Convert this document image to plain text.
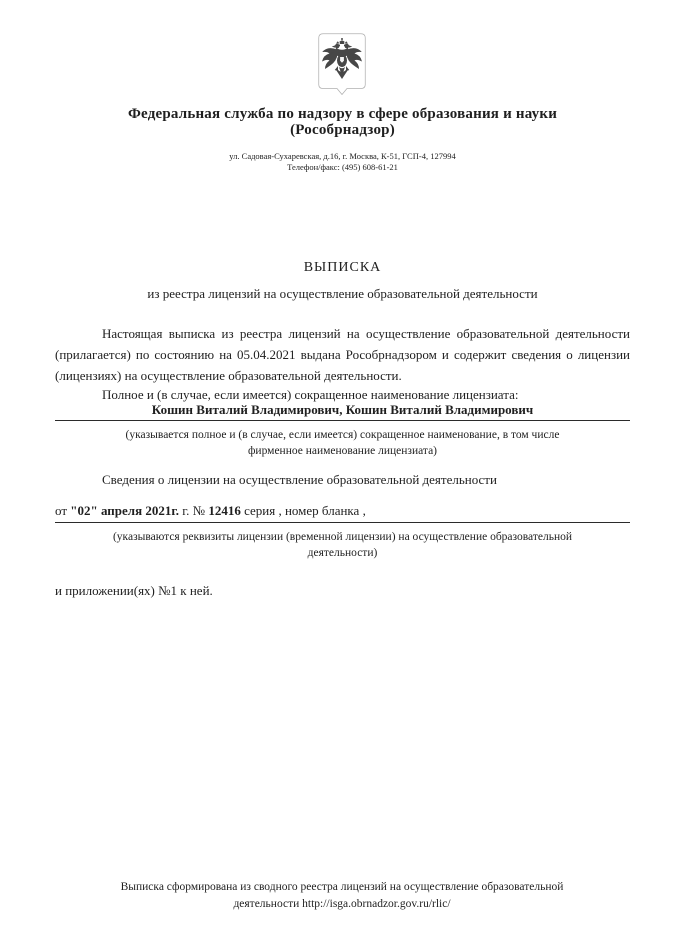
Федеральная служба по надзору в сфере образования и науки
(Рособрнадзор)
ул. Садовая-Сухаревская, д.16, г. Москва, К-51, ГСП-4, 127994
Телефон/факс: (495) 608-61-21
ВЫПИСКА
из реестра лицензий на осуществление образовательной деятельности

Настоящая выписка из реестра лицензий на осуществление образовательной деятельности (прилагается) по состоянию на 05.04.2021 выдана Рособрнадзором и содержит сведения о лицензии (лицензиях) на осуществление образовательной деятельности.

Полное и (в случае, если имеется) сокращенное наименование лицензиата:

Кошин Виталий Владимирович, Кошин Виталий Владимирович
(указывается полное и (в случае, если имеется) сокращенное наименование, в том числе фирменное наименование лицензиата)

Сведения о лицензии на осуществление образовательной деятельности

от "02" апреля 2021г. г. № 12416 серия , номер бланка ,
(указываются реквизиты лицензии (временной лицензии) на осуществление образовательной деятельности)

и приложении(ях) №1 к ней.

Выписка сформирована из сводного реестра лицензий на осуществление образовательной деятельности http://isga.obrnadzor.gov.ru/rlic/
